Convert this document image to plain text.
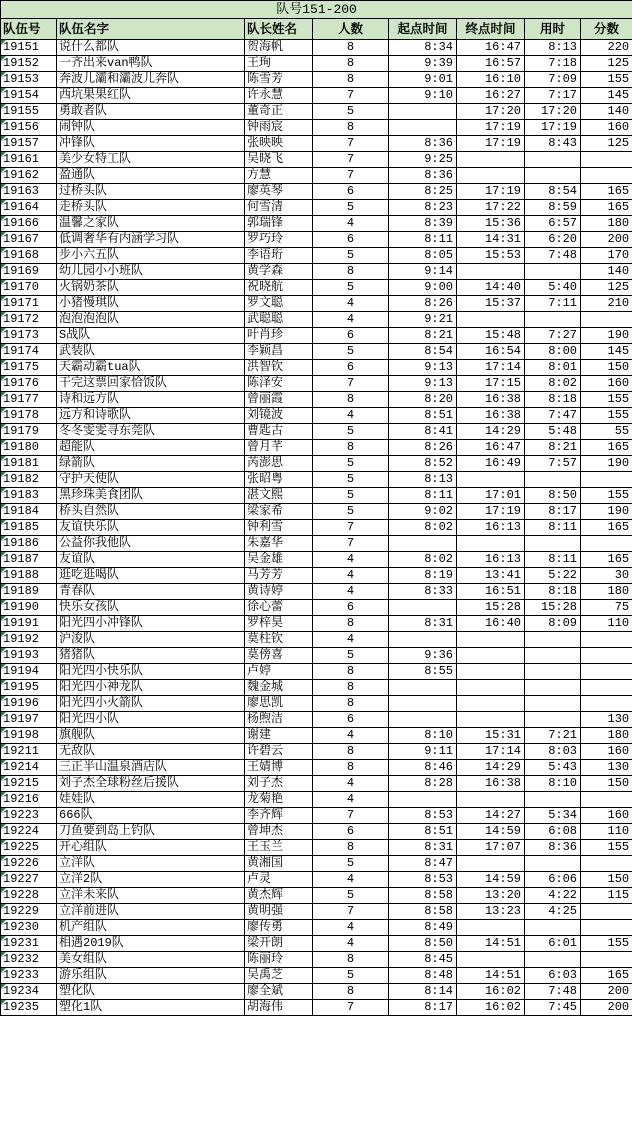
队号151-200							
队伍号	队伍名字	队长姓名	人数	起点时间	终点时间	用时	分数
19151	说什么都队	贺海帆	8	8:34	16:47	8:13	220
19152	一齐出来van鸭队	王珣	8	9:39	16:57	7:18	125
19153	奔波儿灞和灞波儿奔队	陈雪芳	8	9:01	16:10	7:09	155
19154	西坑果果红队	许永慧	7	9:10	16:27	7:17	145
19155	勇敢者队	董奇正	5		17:20	17:20	140
19156	闹钟队	钟雨宸	8		17:19	17:19	160
19157	冲锋队	张映映	7	8:36	17:19	8:43	125
19161	美少女特工队	吴晓飞	7	9:25			
19162	盈通队	方慧	7	8:36			
19163	过桥头队	廖英琴	6	8:25	17:19	8:54	165
19164	走桥头队	何雪清	5	8:23	17:22	8:59	165
19166	温馨之家队	郭瑞锋	4	8:39	15:36	6:57	180
19167	低调奢华有内涵学习队	罗巧玲	6	8:11	14:31	6:20	200
19168	步小六五队	李语珩	5	8:05	15:53	7:48	170
19169	幼儿园小小班队	黄学森	8	9:14			140
19170	火锅奶茶队	祝晓航	5	9:00	14:40	5:40	125
19171	小猪慢琪队	罗文聪	4	8:26	15:37	7:11	210
19172	泡泡泡泡队	武聪聪	4	9:21			
19173	S战队	叶肖珍	6	8:21	15:48	7:27	190
19174	武装队	李颖昌	5	8:54	16:54	8:00	145
19175	天霸动霸tua队	洪智钦	6	9:13	17:14	8:01	150
19176	干完这票回家恰饭队	陈泽安	7	9:13	17:15	8:02	160
19177	诗和远方队	曾丽霞	8	8:20	16:38	8:18	155
19178	远方和诗歌队	刘镜波	4	8:51	16:38	7:47	155
19179	冬冬雯雯寻东莞队	曹匙古	5	8:41	14:29	5:48	55
19180	超能队	曾月芊	8	8:26	16:47	8:21	165
19181	绿箭队	芮澎思	5	8:52	16:49	7:57	190
19182	守护天使队	张昭粤	5	8:13			
19183	黑珍珠美食团队	湛文熙	5	8:11	17:01	8:50	155
19184	桥头自然队	梁家希	5	9:02	17:19	8:17	190
19185	友谊快乐队	钟利雪	7	8:02	16:13	8:11	165
19186	公益你我他队	朱嘉华	7				
19187	友谊队	吴金雄	4	8:02	16:13	8:11	165
19188	逛吃逛喝队	马芳芳	4	8:19	13:41	5:22	30
19189	青春队	黄诗婷	4	8:33	16:51	8:18	180
19190	快乐女孩队	徐心蕾	6		15:28	15:28	75
19191	阳光四小冲锋队	罗梓昊	8	8:31	16:40	8:09	110
19192	沪浚队	莫柱钦	4				
19193	猪猪队	莫傍喜	5	9:36			
19194	阳光四小快乐队	卢婷	8	8:55			
19195	阳光四小神龙队	魏金城	8				
19196	阳光四小火箭队	廖思凯	8				
19197	阳光四小队	杨煦洁	6				130
19198	旗舰队	谢建	4	8:10	15:31	7:21	180
19211	无敌队	许碧云	8	9:11	17:14	8:03	160
19214	三正半山温泉酒店队	王婧博	8	8:46	14:29	5:43	130
19215	刘子杰全球粉丝后援队	刘子杰	4	8:28	16:38	8:10	150
19216	娃娃队	龙菊艳	4				
19223	666队	李齐辉	7	8:53	14:27	5:34	160
19224	刀鱼要到岛上钓队	曾坤杰	6	8:51	14:59	6:08	110
19225	开心组队	王玉兰	8	8:31	17:07	8:36	155
19226	立洋队	黄湘国	5	8:47			
19227	立洋2队	卢灵	4	8:53	14:59	6:06	150
19228	立洋未来队	黄杰辉	5	8:58	13:20	4:22	115
19229	立洋前进队	黄明强	7	8:58	13:23	4:25	
19230	机产组队	廖传勇	4	8:49			
19231	相遇2019队	梁开朗	4	8:50	14:51	6:01	155
19232	美女组队	陈丽玲	8	8:45			
19233	游乐组队	吴禹芝	5	8:48	14:51	6:03	165
19234	塑化队	廖全斌	8	8:14	16:02	7:48	200
19235	塑化1队	胡海伟	7	8:17	16:02	7:45	200
